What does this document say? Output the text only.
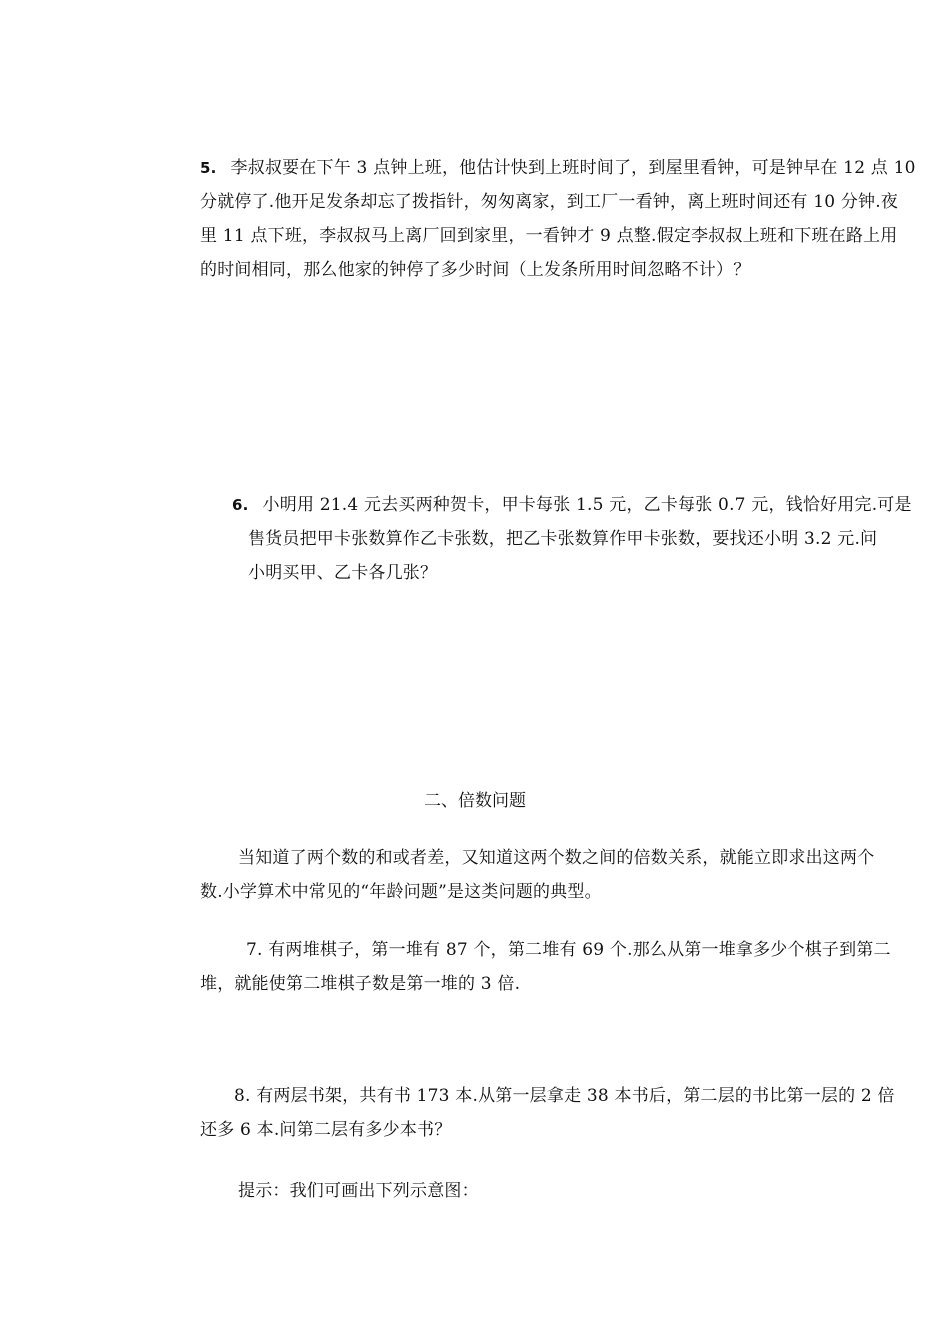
5. 李叔叔要在下午 3 点钟上班，他估计快到上班时间了，到屋里看钟，可是钟早在 12 点 10
分就停了.他开足发条却忘了拨指针，匆匆离家，到工厂一看钟，离上班时间还有 10 分钟.夜
里 11 点下班，李叔叔马上离厂回到家里，一看钟才 9 点整.假定李叔叔上班和下班在路上用
的时间相同，那么他家的钟停了多少时间（上发条所用时间忽略不计）？
6. 小明用 21.4 元去买两种贺卡，甲卡每张 1.5 元，乙卡每张 0.7 元，钱恰好用完.可是
售货员把甲卡张数算作乙卡张数，把乙卡张数算作甲卡张数，要找还小明 3.2 元.问
小明买甲、乙卡各几张？
二、倍数问题
当知道了两个数的和或者差，又知道这两个数之间的倍数关系，就能立即求出这两个
数.小学算术中常见的“年龄问题”是这类问题的典型。
7. 有两堆棋子，第一堆有 87 个，第二堆有 69 个.那么从第一堆拿多少个棋子到第二
堆，就能使第二堆棋子数是第一堆的 3 倍.
8. 有两层书架，共有书 173 本.从第一层拿走 38 本书后，第二层的书比第一层的 2 倍
还多 6 本.问第二层有多少本书？
提示：我们可画出下列示意图：
